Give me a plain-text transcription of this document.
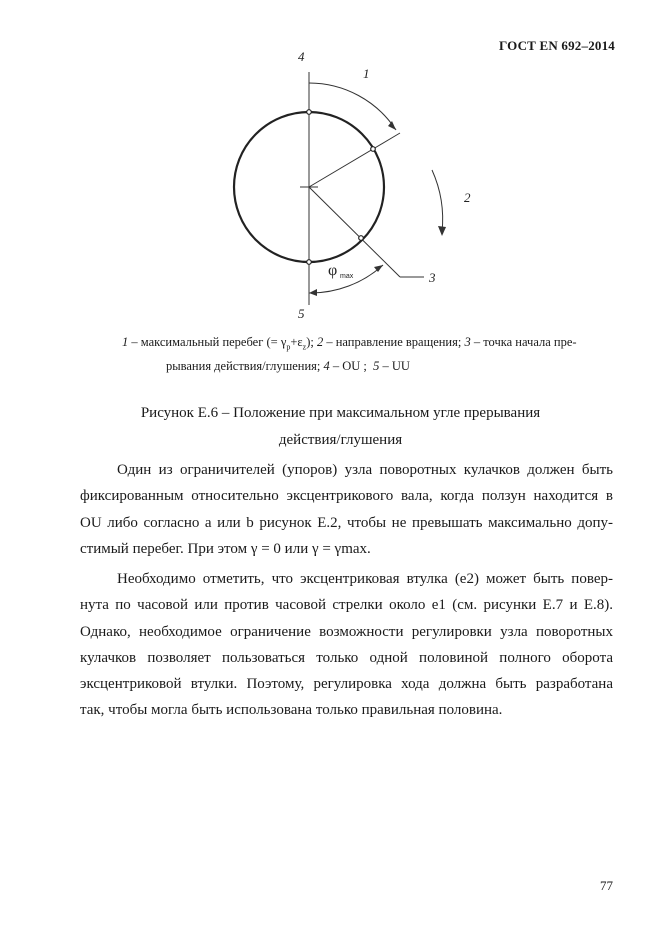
ГОСТ EN 692–2014
4
1
2
3
5
φ max
1 – максимальный перебег (= $\gamma_p+\varepsilon_z$); 2 – направление вращения; 3 – точка начала пре-
рывания действия/глушения; 4 – OU ; 5 – UU
Рисунок Е.6 – Положение при максимальном угле прерывания
действия/глушения
Один из ограничителей (упоров) узла поворотных кулачков должен быть
фиксированным относительно эксцентрикового вала, когда ползун находится в
OU либо согласно а или b рисунок Е.2, чтобы не превышать максимально допу-
стимый перебег. При этом γ = 0 или γ = γmax.
Необходимо отметить, что эксцентриковая втулка (e2) может быть повер-
нута по часовой или против часовой стрелки около e1 (см. рисунки Е.7 и Е.8).
Однако, необходимое ограничение возможности регулировки узла поворотных
кулачков позволяет пользоваться только одной половиной полного оборота
эксцентриковой втулки. Поэтому, регулировка хода должна быть разработана
так, чтобы могла быть использована только правильная половина.
77
